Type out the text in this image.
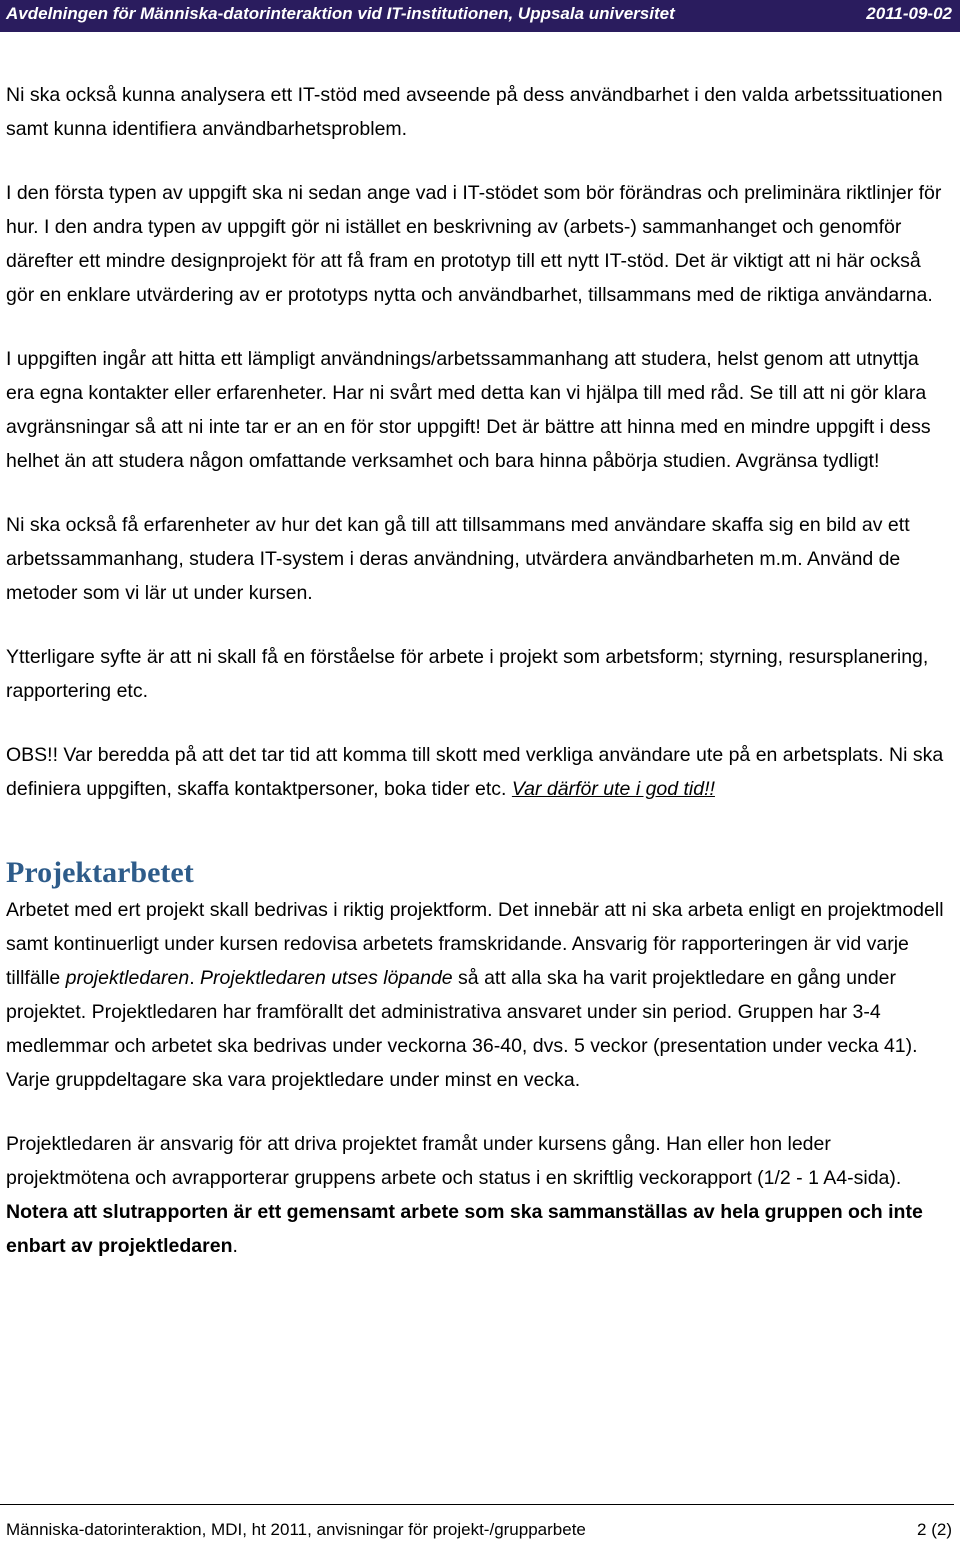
Avdelningen för Människa-datorinteraktion vid IT-institutionen, Uppsala universitet	2011-09-02

Ni ska också kunna analysera ett IT-stöd med avseende på dess användbarhet i den valda arbetssituationen samt kunna identifiera användbarhetsproblem.

I den första typen av uppgift ska ni sedan ange vad i IT-stödet som bör förändras och preliminära riktlinjer för hur. I den andra typen av uppgift gör ni istället en beskrivning av (arbets-) sammanhanget och genomför därefter ett mindre designprojekt för att få fram en prototyp till ett nytt IT-stöd. Det är viktigt att ni här också gör en enklare utvärdering av er prototyps nytta och användbarhet, tillsammans med de riktiga användarna.

I uppgiften ingår att hitta ett lämpligt användnings/arbetssammanhang att studera, helst genom att utnyttja era egna kontakter eller erfarenheter. Har ni svårt med detta kan vi hjälpa till med råd. Se till att ni gör klara avgränsningar så att ni inte tar er an en för stor uppgift! Det är bättre att hinna med en mindre uppgift i dess helhet än att studera någon omfattande verksamhet och bara hinna påbörja studien. Avgränsa tydligt!

Ni ska också få erfarenheter av hur det kan gå till att tillsammans med användare skaffa sig en bild av ett arbetssammanhang, studera IT-system i deras användning, utvärdera användbarheten m.m. Använd de metoder som vi lär ut under kursen.

Ytterligare syfte är att ni skall få en förståelse för arbete i projekt som arbetsform; styrning, resursplanering, rapportering etc.

OBS!! Var beredda på att det tar tid att komma till skott med verkliga användare ute på en arbetsplats. Ni ska definiera uppgiften, skaffa kontaktpersoner, boka tider etc. Var därför ute i god tid!!

Projektarbetet

Arbetet med ert projekt skall bedrivas i riktig projektform. Det innebär att ni ska arbeta enligt en projektmodell samt kontinuerligt under kursen redovisa arbetets framskridande. Ansvarig för rapporteringen är vid varje tillfälle projektledaren. Projektledaren utses löpande så att alla ska ha varit projektledare en gång under projektet. Projektledaren har framförallt det administrativa ansvaret under sin period. Gruppen har 3-4 medlemmar och arbetet ska bedrivas under veckorna 36-40, dvs. 5 veckor (presentation under vecka 41). Varje gruppdeltagare ska vara projektledare under minst en vecka.

Projektledaren är ansvarig för att driva projektet framåt under kursens gång. Han eller hon leder projektmötena och avrapporterar gruppens arbete och status i en skriftlig veckorapport (1/2 - 1 A4-sida). Notera att slutrapporten är ett gemensamt arbete som ska sammanställas av hela gruppen och inte enbart av projektledaren.

Människa-datorinteraktion, MDI, ht 2011, anvisningar för projekt-/grupparbete	2 (2)
